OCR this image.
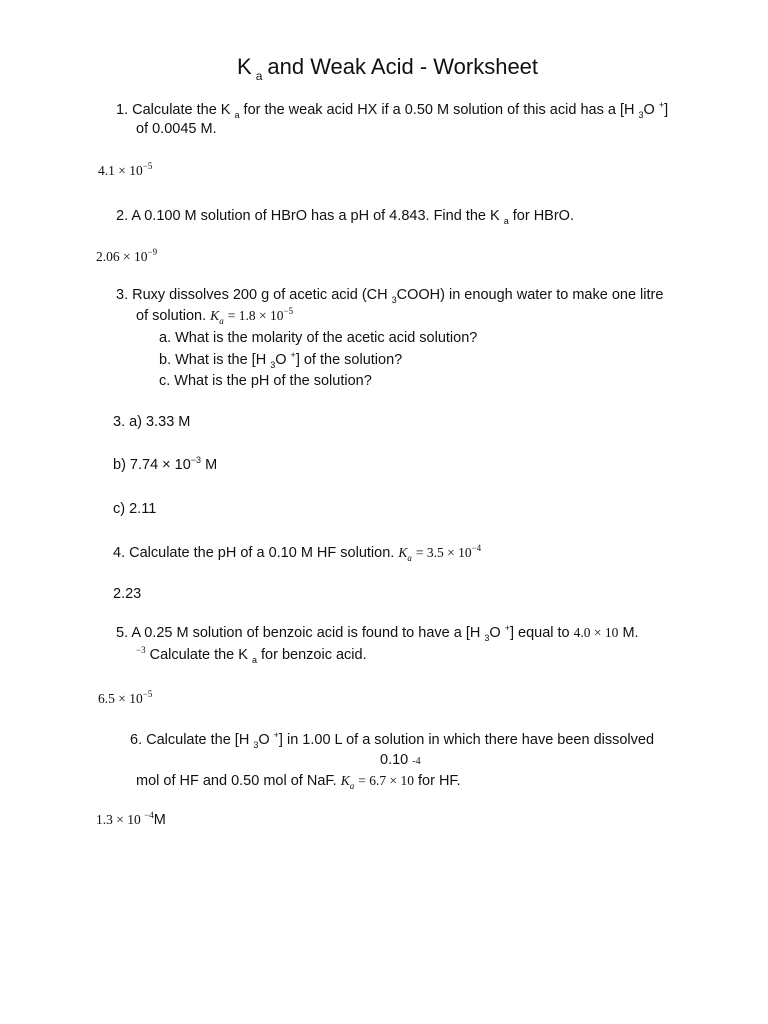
K $_a$ and Weak Acid - Worksheet
1. Calculate the K $_a$ for the weak acid HX if a 0.50 M solution of this acid has a [H $_3$O +]
of 0.0045 M.
$4.1 \times 10^{-5}$
2. A 0.100 M solution of HBrO has a pH of 4.843. Find the K $_a$ for HBrO.
$2.06 \times 10^{-9}$
3. Ruxy dissolves 200 g of acetic acid (CH $_3$COOH) in enough water to make one litre
of solution. $K_a = 1.8 \times 10^{-5}$
a. What is the molarity of the acetic acid solution?
b. What is the [H $_3$O +] of the solution?
c. What is the pH of the solution?
3. a) 3.33 M
b) $7.74 \times 10^{-3}$ M
c) 2.11
4. Calculate the pH of a 0.10 M HF solution. $K_a = 3.5 \times 10^{-4}$
2.23
5. A 0.25 M solution of benzoic acid is found to have a [H $_3$O +] equal to 4.0 × 10 M.
$^{-3}$ Calculate the K $_a$ for benzoic acid.
$6.5 \times 10^{-5}$
6. Calculate the [H $_3$O +] in 1.00 L of a solution in which there have been dissolved
0.10 -4
mol of HF and 0.50 mol of NaF. $K_a = 6.7 \times 10$ for HF.
1.3 × 10 $^{-4}$M
